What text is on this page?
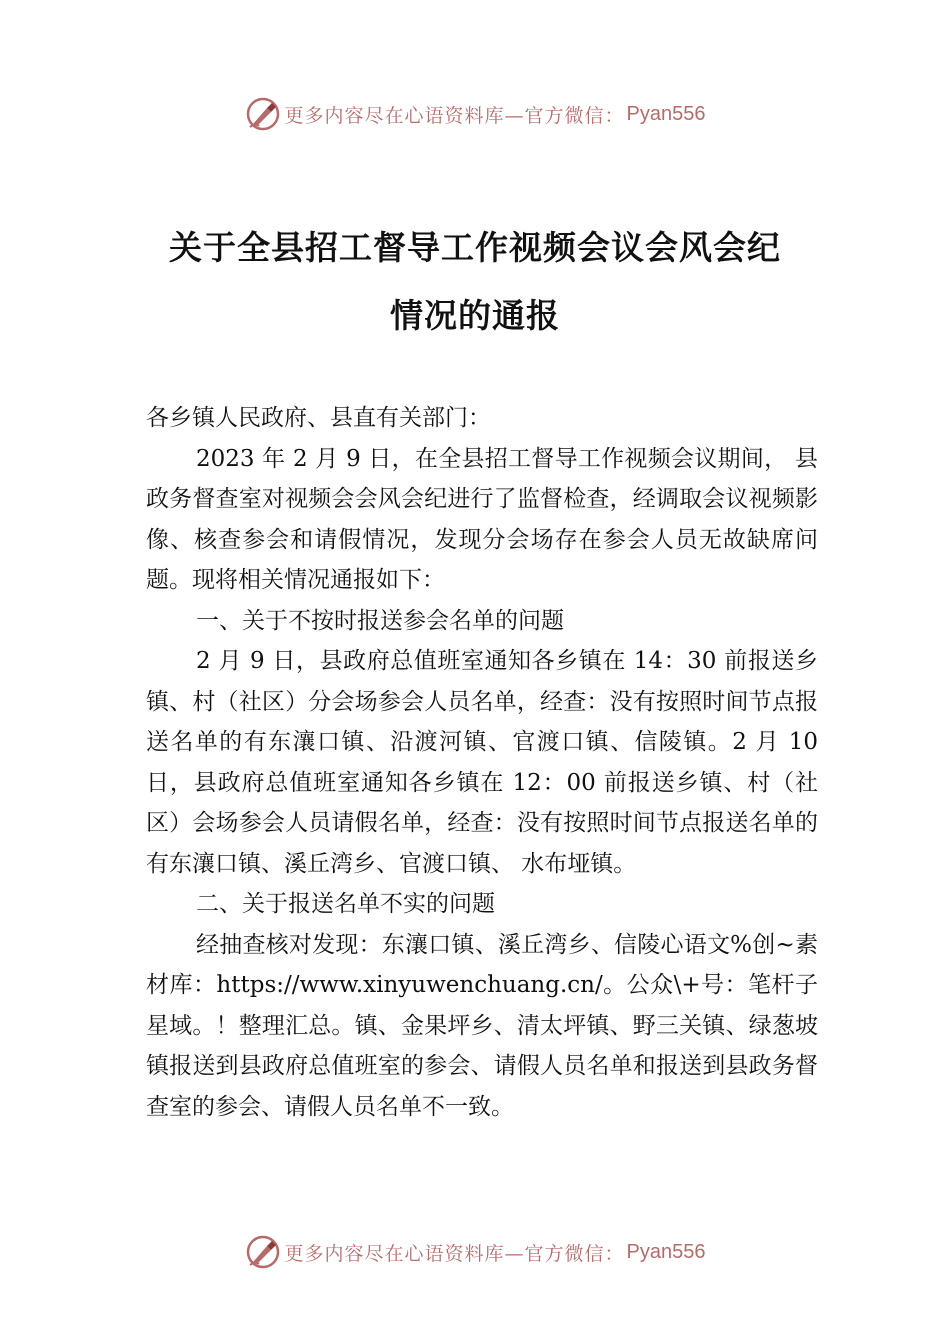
更多内容尽在心语资料库—官方微信： Pyan556
关于全县招工督导工作视频会议会风会纪
情况的通报

各乡镇人民政府、县直有关部门：

2023 年 2 月 9 日，在全县招工督导工作视频会议期间， 县政务督查室对视频会会风会纪进行了监督检查，经调取会议视频影像、核查参会和请假情况，发现分会场存在参会人员无故缺席问题。现将相关情况通报如下：

一、关于不按时报送参会名单的问题

2 月 9 日，县政府总值班室通知各乡镇在 14：30 前报送乡镇、村（社区）分会场参会人员名单，经查：没有按照时间节点报送名单的有东瀼口镇、沿渡河镇、官渡口镇、信陵镇。2 月 10 日，县政府总值班室通知各乡镇在 12：00 前报送乡镇、村（社区）会场参会人员请假名单，经查：没有按照时间节点报送名单的有东瀼口镇、溪丘湾乡、官渡口镇、 水布垭镇。

二、关于报送名单不实的问题

经抽查核对发现：东瀼口镇、溪丘湾乡、信陵心语文%创~素材库：https://www.xinyuwenchuang.cn/。公众\+号：笔杆子星域。！整理汇总。镇、金果坪乡、清太坪镇、野三关镇、绿葱坡镇报送到县政府总值班室的参会、请假人员名单和报送到县政务督查室的参会、请假人员名单不一致。

更多内容尽在心语资料库—官方微信： Pyan556
